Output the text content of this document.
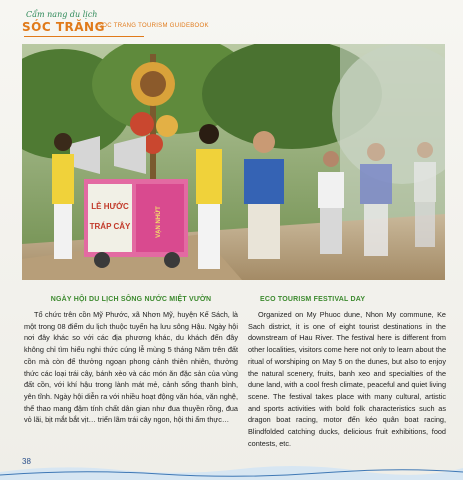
Cẩm nang du lịch
SÓC TRĂNG
SOC TRANG TOURISM GUIDEBOOK
LỄ HƯỚC
TRÁP CÂY	VẠN NHỨT
NGÀY HỘI DU LỊCH SÔNG NƯỚC MIỆT VƯỜN

Tổ chức trên cồn Mỹ Phước, xã Nhơn Mỹ, huyện Kế Sách, là một trong 08 điểm du lịch thuộc tuyến hạ lưu sông Hậu. Ngày hội nơi đây khác so với các địa phương khác, du khách đến đây không chỉ tìm hiểu nghi thức cúng lễ mùng 5 tháng Năm trên đất cồn mà còn để thưởng ngoạn phong cảnh thiên nhiên, thưởng thức các loại trái cây, bánh xèo và các món ăn đặc sản của vùng đất cồn, với khí hậu trong lành mát mẻ, cảnh sống thanh bình, yên tĩnh. Ngày hội diễn ra với nhiều hoạt động văn hóa, văn nghệ, thể thao mang đậm tính chất dân gian như đua thuyền rồng, đua vỏ lãi, bịt mắt bắt vịt… triển lãm trái cây ngon, hội thi ẩm thực…

ECO TOURISM FESTIVAL DAY

Organized on My Phuoc dune, Nhon My commune, Ke Sach district, it is one of eight tourist destinations in the downstream of Hau River. The festival here is different from other localities, visitors come here not only to learn about the ritual of worshiping on May 5 on the dunes, but also to enjoy the natural scenery, fruits, banh xeo and specialties of the dune land, with a cool fresh climate, peaceful and quiet living scene. The festival takes place with many cultural, artistic and sports activities with bold folk characteristics such as dragon boat racing, motor đến kéo quân boat racing, Blindfolded catching ducks, delicious fruit exhibitions, food contests, etc.

38
